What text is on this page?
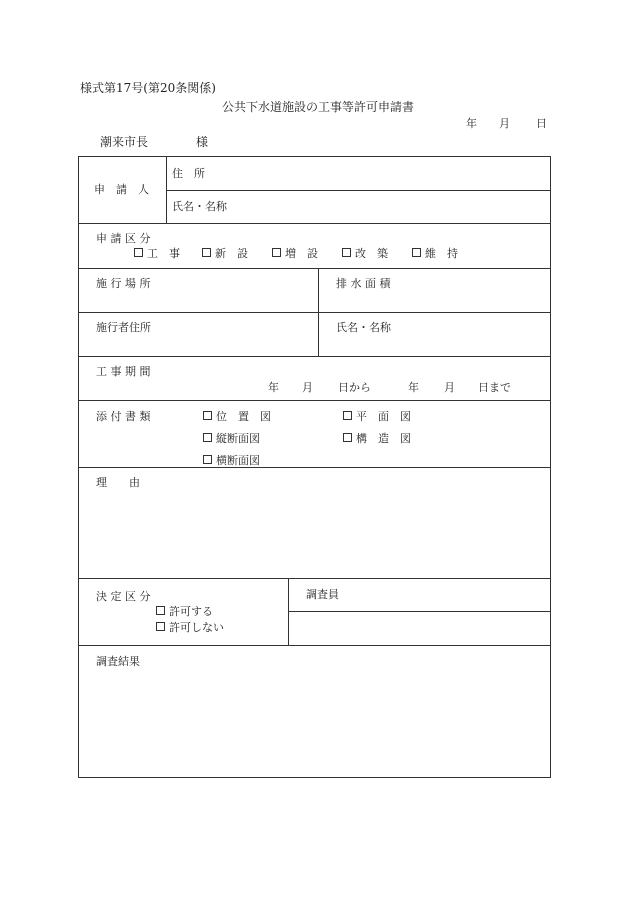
様式第17号(第20条関係)
公共下水道施設の工事等許可申請書
年 月 日
潮来市長	様
申　請　人
住　所
氏名・名称
申 請 区 分
工　事	新　設	増　設	改　築	維　持
施 行 場 所	排 水 面 積
施行者住所	氏名・名称
工 事 期 間
年 月 日から	年 月 日まで
添 付 書 類	位　置　図	平　面　図
縦断面図	構　造　図
横断面図
理　　由
決 定 区 分
許可する
許可しない
調査員
調査結果
